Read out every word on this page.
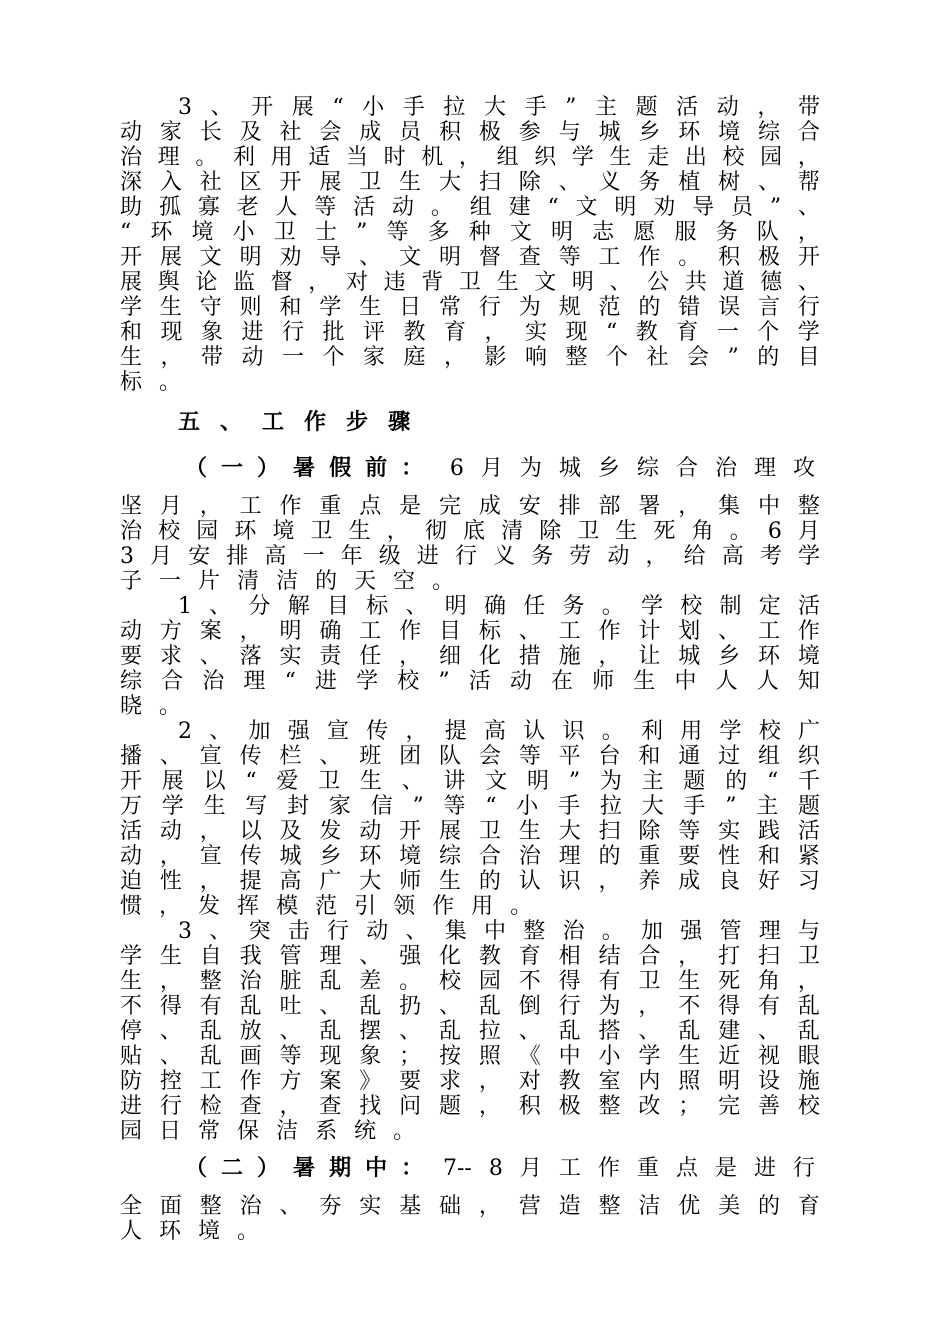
3 、 开 展 “ 小 手 拉 大 手 ” 主 题 活 动 ， 带
动 家 长 及 社 会 成 员 积 极 参 与 城 乡 环 境 综 合
治 理 。 利 用 适 当 时 机 ， 组 织 学 生 走 出 校 园 ，
深 入 社 区 开 展 卫 生 大 扫 除 、 义 务 植 树 、 帮
助 孤 寡 老 人 等 活 动 。 组 建 “ 文 明 劝 导 员 ” 、
“ 环 境 小 卫 士 ” 等 多 种 文 明 志 愿 服 务 队 ，
开 展 文 明 劝 导 、 文 明 督 查 等 工 作 。 积 极 开
展 舆 论 监 督 ， 对 违 背 卫 生 文 明 、 公 共 道 德 、
学 生 守 则 和 学 生 日 常 行 为 规 范 的 错 误 言 行
和 现 象 进 行 批 评 教 育 ， 实 现 “ 教 育 一 个 学
生 ， 带 动 一 个 家 庭 ， 影 响 整 个 社 会 ” 的 目
标 。
五 、 工 作 步 骤
（ 一 ） 暑 假 前 ： 6 月 为 城 乡 综 合 治 理 攻
坚 月 ， 工 作 重 点 是 完 成 安 排 部 署 ， 集 中 整
治 校 园 环 境 卫 生 ， 彻 底 清 除 卫 生 死 角 。 6 月
3 月 安 排 高 一 年 级 进 行 义 务 劳 动 ， 给 高 考 学
子 一 片 清 洁 的 天 空 。
1 、 分 解 目 标 、 明 确 任 务 。 学 校 制 定 活
动 方 案 ， 明 确 工 作 目 标 、 工 作 计 划 、 工 作
要 求 、 落 实 责 任 ， 细 化 措 施 ， 让 城 乡 环 境
综 合 治 理 “ 进 学 校 ” 活 动 在 师 生 中 人 人 知
晓 。
2 、 加 强 宣 传 ， 提 高 认 识 。 利 用 学 校 广
播 、 宣 传 栏 、 班 团 队 会 等 平 台 和 通 过 组 织
开 展 以 “ 爱 卫 生 、 讲 文 明 ” 为 主 题 的 “ 千
万 学 生 写 封 家 信 ” 等 “ 小 手 拉 大 手 ” 主 题
活 动 ， 以 及 发 动 开 展 卫 生 大 扫 除 等 实 践 活
动 ， 宣 传 城 乡 环 境 综 合 治 理 的 重 要 性 和 紧
迫 性 ， 提 高 广 大 师 生 的 认 识 ， 养 成 良 好 习
惯 ， 发 挥 模 范 引 领 作 用 。
3 、 突 击 行 动 、 集 中 整 治 。 加 强 管 理 与
学 生 自 我 管 理 、 强 化 教 育 相 结 合 ， 打 扫 卫
生 ， 整 治 脏 乱 差 。 校 园 不 得 有 卫 生 死 角 ，
不 得 有 乱 吐 、 乱 扔 、 乱 倒 行 为 ， 不 得 有 乱
停 、 乱 放 、 乱 摆 、 乱 拉 、 乱 搭 、 乱 建 、 乱
贴 、 乱 画 等 现 象 ； 按 照 《 中 小 学 生 近 视 眼
防 控 工 作 方 案 》 要 求 ， 对 教 室 内 照 明 设 施
进 行 检 查 ， 查 找 问 题 ， 积 极 整 改 ； 完 善 校
园 日 常 保 洁 系 统 。
（ 二 ） 暑 期 中 ： 7-- 8 月 工 作 重 点 是 进 行
全 面 整 治 、 夯 实 基 础 ， 营 造 整 洁 优 美 的 育
人 环 境 。
